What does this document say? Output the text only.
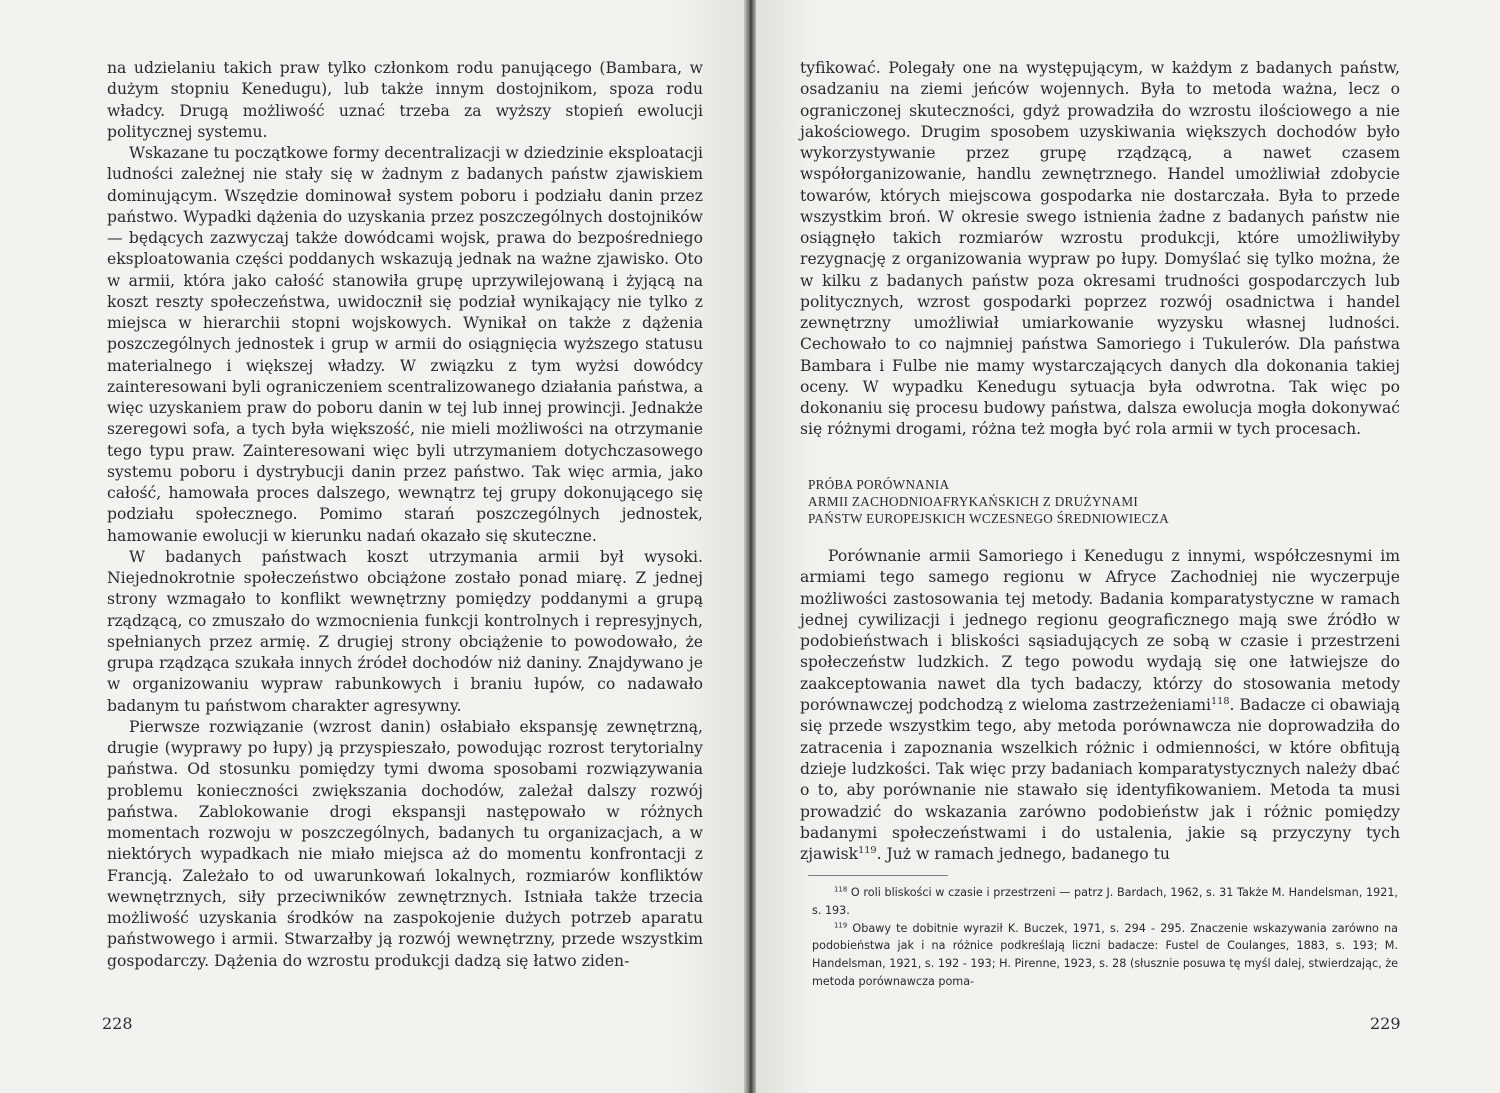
na udzielaniu takich praw tylko członkom rodu panującego (Bambara, w dużym stopniu Kenedugu), lub także innym dostojnikom, spoza rodu władcy. Drugą możliwość uznać trzeba za wyższy stopień ewolucji politycznej systemu.

Wskazane tu początkowe formy decentralizacji w dziedzinie eksploatacji ludności zależnej nie stały się w żadnym z badanych państw zjawiskiem dominującym. Wszędzie dominował system poboru i podziału danin przez państwo. Wypadki dążenia do uzyskania przez poszczególnych dostojników — będących zazwyczaj także dowódcami wojsk, prawa do bezpośredniego eksploatowania części poddanych wskazują jednak na ważne zjawisko. Oto w armii, która jako całość stanowiła grupę uprzywilejowaną i żyjącą na koszt reszty społeczeństwa, uwidocznił się podział wynikający nie tylko z miejsca w hierarchii stopni wojskowych. Wynikał on także z dążenia poszczególnych jednostek i grup w armii do osiągnięcia wyższego statusu materialnego i większej władzy. W związku z tym wyżsi dowódcy zainteresowani byli ograniczeniem scentralizowanego działania państwa, a więc uzyskaniem praw do poboru danin w tej lub innej prowincji. Jednakże szeregowi sofa, a tych była większość, nie mieli możliwości na otrzymanie tego typu praw. Zainteresowani więc byli utrzymaniem dotychczasowego systemu poboru i dystrybucji danin przez państwo. Tak więc armia, jako całość, hamowała proces dalszego, wewnątrz tej grupy dokonującego się podziału społecznego. Pomimo starań poszczególnych jednostek, hamowanie ewolucji w kierunku nadań okazało się skuteczne.

W badanych państwach koszt utrzymania armii był wysoki. Niejednokrotnie społeczeństwo obciążone zostało ponad miarę. Z jednej strony wzmagało to konflikt wewnętrzny pomiędzy poddanymi a grupą rządzącą, co zmuszało do wzmocnienia funkcji kontrolnych i represyjnych, spełnianych przez armię. Z drugiej strony obciążenie to powodowało, że grupa rządząca szukała innych źródeł dochodów niż daniny. Znajdywano je w organizowaniu wypraw rabunkowych i braniu łupów, co nadawało badanym tu państwom charakter agresywny.

Pierwsze rozwiązanie (wzrost danin) osłabiało ekspansję zewnętrzną, drugie (wyprawy po łupy) ją przyspieszało, powodując rozrost terytorialny państwa. Od stosunku pomiędzy tymi dwoma sposobami rozwiązywania problemu konieczności zwiększania dochodów, zależał dalszy rozwój państwa. Zablokowanie drogi ekspansji następowało w różnych momentach rozwoju w poszczególnych, badanych tu organizacjach, a w niektórych wypadkach nie miało miejsca aż do momentu konfrontacji z Francją. Zależało to od uwarunkowań lokalnych, rozmiarów konfliktów wewnętrznych, siły przeciwników zewnętrznych. Istniała także trzecia możliwość uzyskania środków na zaspokojenie dużych potrzeb aparatu państwowego i armii. Stwarzałby ją rozwój wewnętrzny, przede wszystkim gospodarczy. Dążenia do wzrostu produkcji dadzą się łatwo ziden-

228

tyfikować. Polegały one na występującym, w każdym z badanych państw, osadzaniu na ziemi jeńców wojennych. Była to metoda ważna, lecz o ograniczonej skuteczności, gdyż prowadziła do wzrostu ilościowego a nie jakościowego. Drugim sposobem uzyskiwania większych dochodów było wykorzystywanie przez grupę rządzącą, a nawet czasem współorganizowanie, handlu zewnętrznego. Handel umożliwiał zdobycie towarów, których miejscowa gospodarka nie dostarczała. Była to przede wszystkim broń. W okresie swego istnienia żadne z badanych państw nie osiągnęło takich rozmiarów wzrostu produkcji, które umożliwiłyby rezygnację z organizowania wypraw po łupy. Domyślać się tylko można, że w kilku z badanych państw poza okresami trudności gospodarczych lub politycznych, wzrost gospodarki poprzez rozwój osadnictwa i handel zewnętrzny umożliwiał umiarkowanie wyzysku własnej ludności. Cechowało to co najmniej państwa Samoriego i Tukulerów. Dla państwa Bambara i Fulbe nie mamy wystarczających danych dla dokonania takiej oceny. W wypadku Kenedugu sytuacja była odwrotna. Tak więc po dokonaniu się procesu budowy państwa, dalsza ewolucja mogła dokonywać się różnymi drogami, różna też mogła być rola armii w tych procesach.

PRÓBA PORÓWNANIA
ARMII ZACHODNIOAFRYKAŃSKICH Z DRUŻYNAMI
PAŃSTW EUROPEJSKICH WCZESNEGO ŚREDNIOWIECZA

Porównanie armii Samoriego i Kenedugu z innymi, współczesnymi im armiami tego samego regionu w Afryce Zachodniej nie wyczerpuje możliwości zastosowania tej metody. Badania komparatystyczne w ramach jednej cywilizacji i jednego regionu geograficznego mają swe źródło w podobieństwach i bliskości sąsiadujących ze sobą w czasie i przestrzeni społeczeństw ludzkich. Z tego powodu wydają się one łatwiejsze do zaakceptowania nawet dla tych badaczy, którzy do stosowania metody porównawczej podchodzą z wieloma zastrzeżeniami$^{118}$. Badacze ci obawiają się przede wszystkim tego, aby metoda porównawcza nie doprowadziła do zatracenia i zapoznania wszelkich różnic i odmienności, w które obfitują dzieje ludzkości. Tak więc przy badaniach komparatystycznych należy dbać o to, aby porównanie nie stawało się identyfikowaniem. Metoda ta musi prowadzić do wskazania zarówno podobieństw jak i różnic pomiędzy badanymi społeczeństwami i do ustalenia, jakie są przyczyny tych zjawisk$^{119}$. Już w ramach jednego, badanego tu

$^{118}$ O roli bliskości w czasie i przestrzeni — patrz J. Bardach, 1962, s. 31 Także M. Handelsman, 1921, s. 193.

$^{119}$ Obawy te dobitnie wyraził K. Buczek, 1971, s. 294 - 295. Znaczenie wskazywania zarówno na podobieństwa jak i na różnice podkreślają liczni badacze: Fustel de Coulanges, 1883, s. 193; M. Handelsman, 1921, s. 192 - 193; H. Pirenne, 1923, s. 28 (słusznie posuwa tę myśl dalej, stwierdzając, że metoda porównawcza poma-

229
